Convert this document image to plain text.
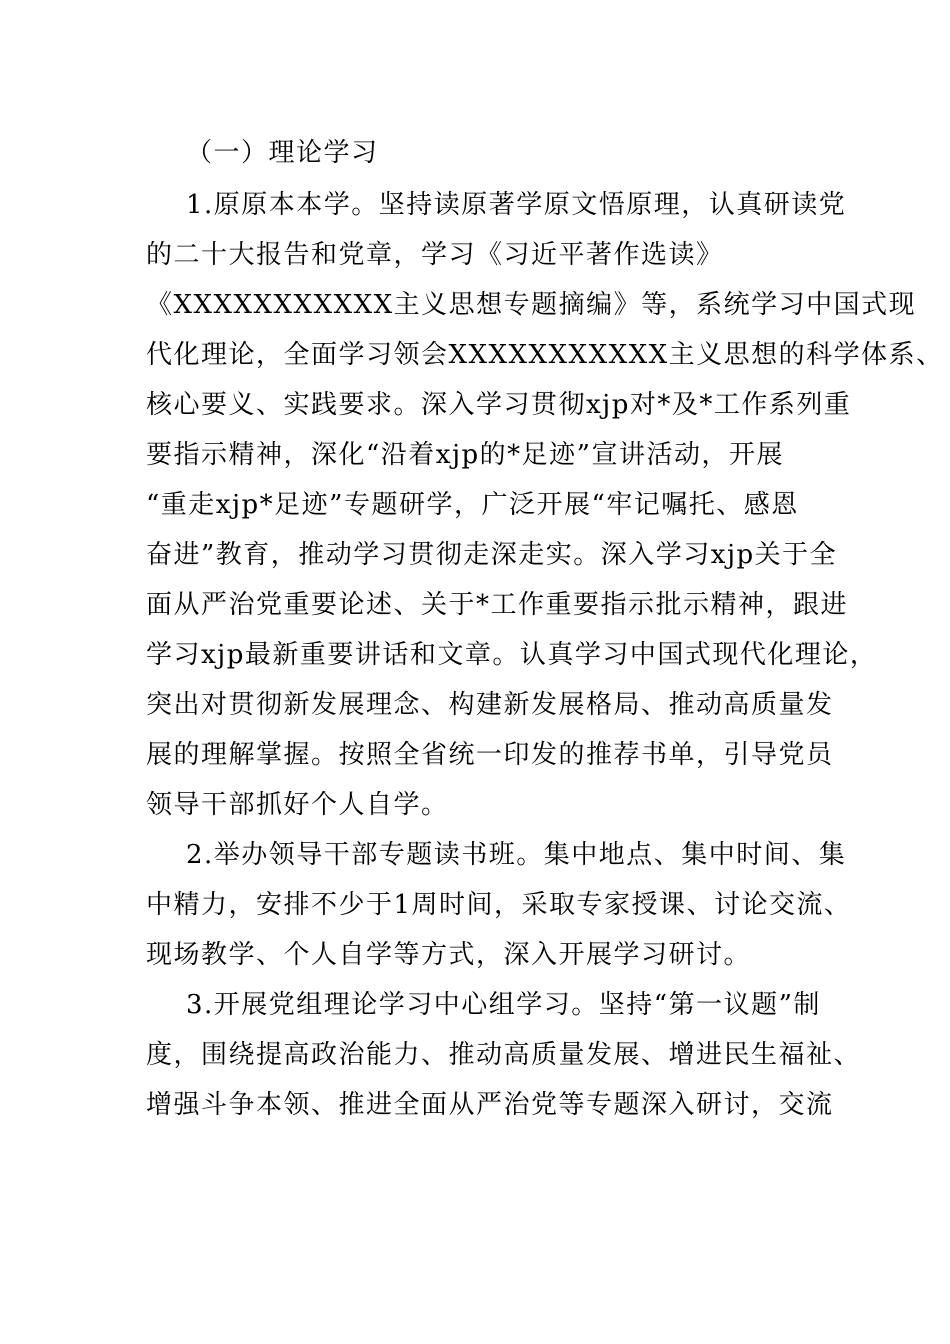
（一）理论学习
1.原原本本学。坚持读原著学原文悟原理，认真研读党
的二十大报告和党章，学习《习近平著作选读》
《XXXXXXXXXXX主义思想专题摘编》等，系统学习中国式现
代化理论，全面学习领会XXXXXXXXXXX主义思想的科学体系、
核心要义、实践要求。深入学习贯彻xjp对*及*工作系列重
要指示精神，深化“沿着xjp的*足迹”宣讲活动，开展
“重走xjp*足迹”专题研学，广泛开展“牢记嘱托、感恩
奋进”教育，推动学习贯彻走深走实。深入学习xjp关于全
面从严治党重要论述、关于*工作重要指示批示精神，跟进
学习xjp最新重要讲话和文章。认真学习中国式现代化理论，
突出对贯彻新发展理念、构建新发展格局、推动高质量发
展的理解掌握。按照全省统一印发的推荐书单，引导党员
领导干部抓好个人自学。
2.举办领导干部专题读书班。集中地点、集中时间、集
中精力，安排不少于1周时间，采取专家授课、讨论交流、
现场教学、个人自学等方式，深入开展学习研讨。
3.开展党组理论学习中心组学习。坚持“第一议题”制
度，围绕提高政治能力、推动高质量发展、增进民生福祉、
增强斗争本领、推进全面从严治党等专题深入研讨，交流
